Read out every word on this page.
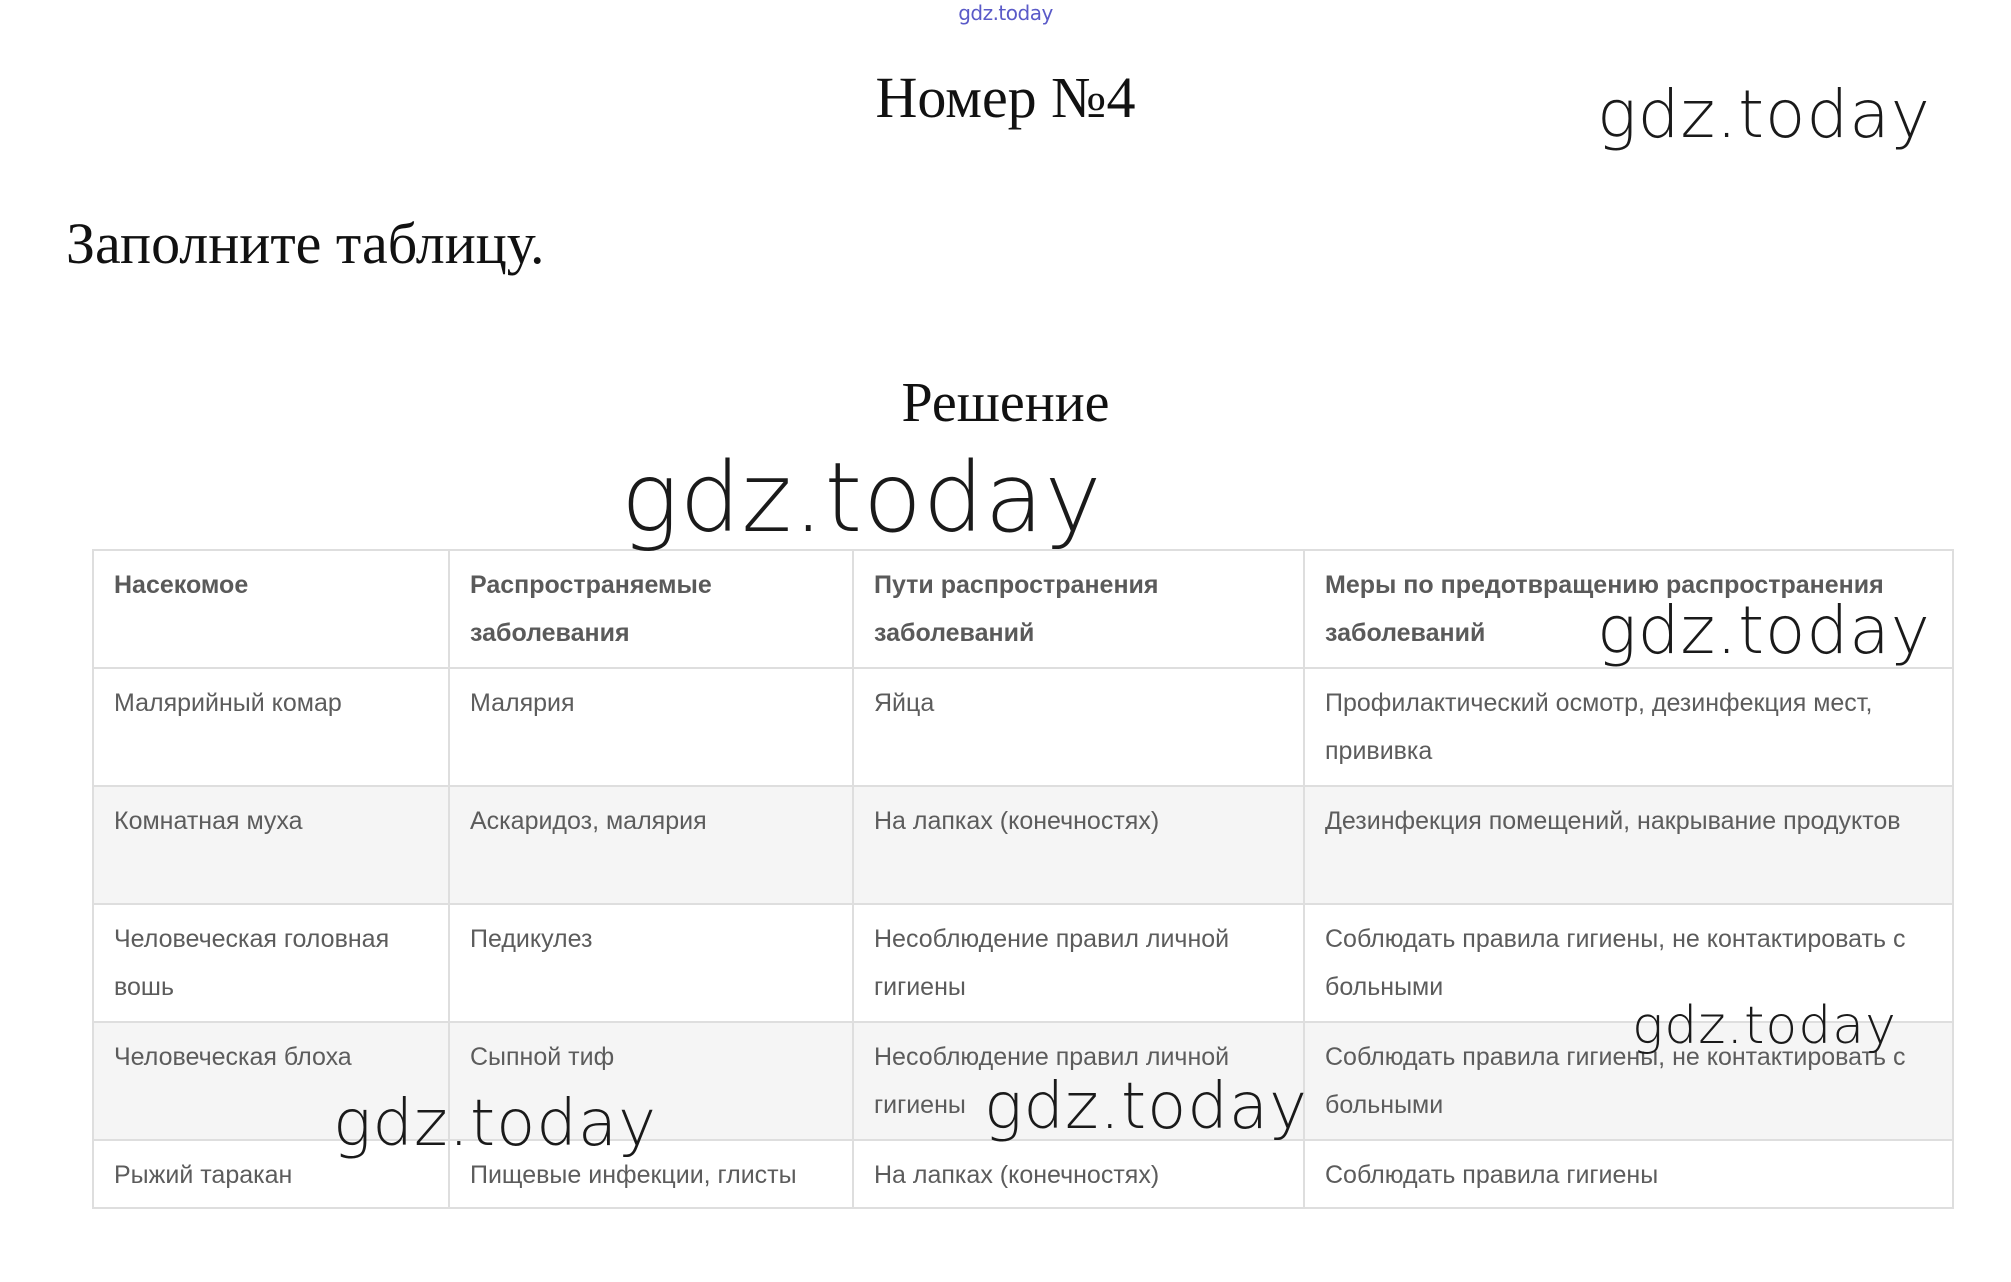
gdz.today
Номер №4
Заполните таблицу.
Решение
Насекомое	Распространяемые заболевания	Пути распространения заболеваний	Меры по предотвращению распространения заболеваний
Малярийный комар	Малярия	Яйца	Профилактический осмотр, дезинфекция мест, прививка
Комнатная муха	Аскаридоз, малярия	На лапках (конечностях)	Дезинфекция помещений, накрывание продуктов
Человеческая головная вошь	Педикулез	Несоблюдение правил личной гигиены	Соблюдать правила гигиены, не контактировать с больными
Человеческая блоха	Сыпной тиф	Несоблюдение правил личной гигиены	Соблюдать правила гигиены, не контактировать с больными
Рыжий таракан	Пищевые инфекции, глисты	На лапках (конечностях)	Соблюдать правила гигиены
gdz.today
gdz.today
gdz.today
gdz.today
gdz.today
gdz.today
